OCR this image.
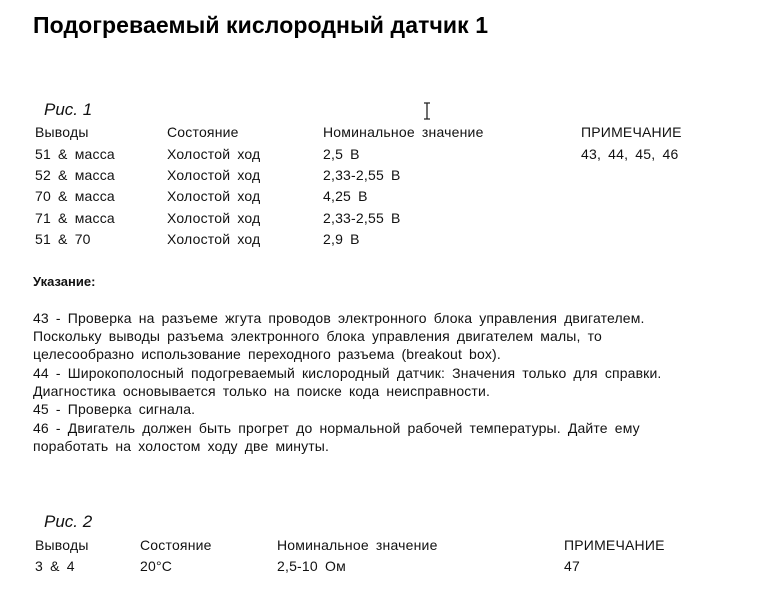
Подогреваемый кислородный датчик 1
Рис. 1
Выводы	Состояние	Номинальное значение	ПРИМЕЧАНИЕ
51 & масса	Холостой ход	2,5 В	43, 44, 45, 46
52 & масса	Холостой ход	2,33-2,55 В
70 & масса	Холостой ход	4,25 В
71 & масса	Холостой ход	2,33-2,55 В
51 & 70	Холостой ход	2,9 В
Указание:
43 - Проверка на разъеме жгута проводов электронного блока управления двигателем.
Поскольку выводы разъема электронного блока управления двигателем малы, то
целесообразно использование переходного разъема (breakout box).
44 - Широкополосный подогреваемый кислородный датчик: Значения только для справки.
Диагностика основывается только на поиске кода неисправности.
45 - Проверка сигнала.
46 - Двигатель должен быть прогрет до нормальной рабочей температуры. Дайте ему
поработать на холостом ходу две минуты.
Рис. 2
Выводы	Состояние	Номинальное значение	ПРИМЕЧАНИЕ
3 & 4	20°C	2,5-10 Ом	47
